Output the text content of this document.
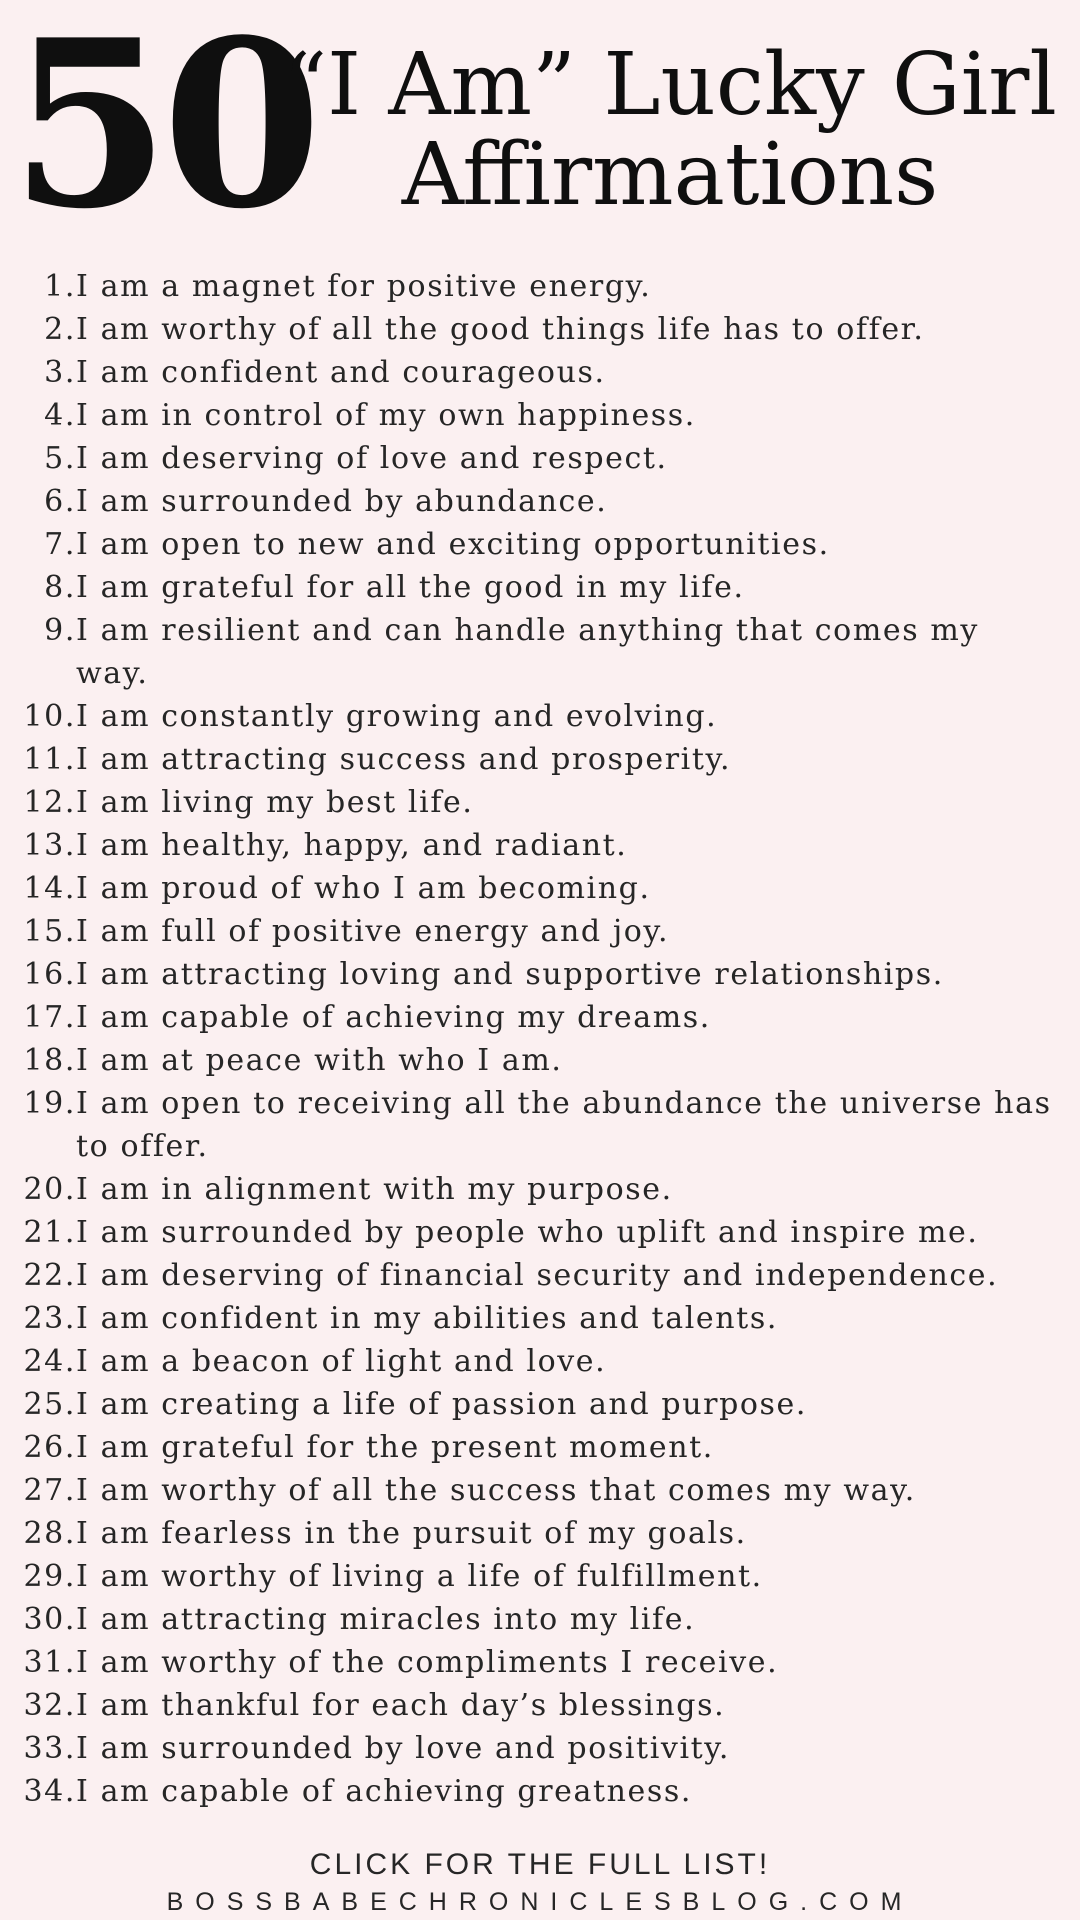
50
“I Am” Lucky Girl
Affirmations
1. I am a magnet for positive energy.
2. I am worthy of all the good things life has to offer.
3. I am confident and courageous.
4. I am in control of my own happiness.
5. I am deserving of love and respect.
6. I am surrounded by abundance.
7. I am open to new and exciting opportunities.
8. I am grateful for all the good in my life.
9. I am resilient and can handle anything that comes my way.
10. I am constantly growing and evolving.
11. I am attracting success and prosperity.
12. I am living my best life.
13. I am healthy, happy, and radiant.
14. I am proud of who I am becoming.
15. I am full of positive energy and joy.
16. I am attracting loving and supportive relationships.
17. I am capable of achieving my dreams.
18. I am at peace with who I am.
19. I am open to receiving all the abundance the universe has to offer.
20. I am in alignment with my purpose.
21. I am surrounded by people who uplift and inspire me.
22. I am deserving of financial security and independence.
23. I am confident in my abilities and talents.
24. I am a beacon of light and love.
25. I am creating a life of passion and purpose.
26. I am grateful for the present moment.
27. I am worthy of all the success that comes my way.
28. I am fearless in the pursuit of my goals.
29. I am worthy of living a life of fulfillment.
30. I am attracting miracles into my life.
31. I am worthy of the compliments I receive.
32. I am thankful for each day’s blessings.
33. I am surrounded by love and positivity.
34. I am capable of achieving greatness.
CLICK FOR THE FULL LIST!
BOSSBABECHRONICLESBLOG.COM
